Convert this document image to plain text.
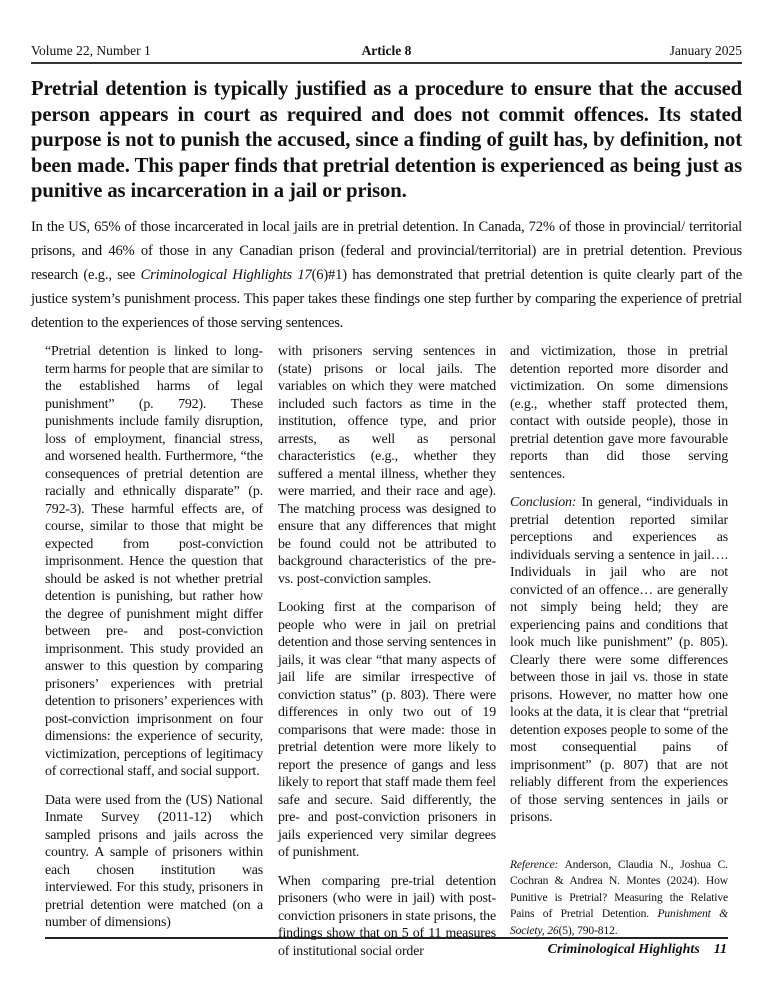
Volume 22, Number 1	Article 8	January 2025
Pretrial detention is typically justified as a procedure to ensure that the accused person appears in court as required and does not commit offences. Its stated purpose is not to punish the accused, since a finding of guilt has, by definition, not been made. This paper finds that pretrial detention is experienced as being just as punitive as incarceration in a jail or prison.
In the US, 65% of those incarcerated in local jails are in pretrial detention. In Canada, 72% of those in provincial/ territorial prisons, and 46% of those in any Canadian prison (federal and provincial/territorial) are in pretrial detention. Previous research (e.g., see Criminological Highlights 17(6)#1) has demonstrated that pretrial detention is quite clearly part of the justice system’s punishment process. This paper takes these findings one step further by comparing the experience of pretrial detention to the experiences of those serving sentences.

“Pretrial detention is linked to long-term harms for people that are similar to the established harms of legal punishment” (p. 792). These punishments include family disruption, loss of employment, financial stress, and worsened health. Furthermore, “the consequences of pretrial detention are racially and ethnically disparate” (p. 792-3). These harmful effects are, of course, similar to those that might be expected from post-conviction imprisonment. Hence the question that should be asked is not whether pretrial detention is punishing, but rather how the degree of punishment might differ between pre- and post-conviction imprisonment. This study provided an answer to this question by comparing prisoners’ experiences with pretrial detention to prisoners’ experiences with post-conviction imprisonment on four dimensions: the experience of security, victimization, perceptions of legitimacy of correctional staff, and social support.

Data were used from the (US) National Inmate Survey (2011-12) which sampled prisons and jails across the country. A sample of prisoners within each chosen institution was interviewed. For this study, prisoners in pretrial detention were matched (on a number of dimensions)

with prisoners serving sentences in (state) prisons or local jails. The variables on which they were matched included such factors as time in the institution, offence type, and prior arrests, as well as personal characteristics (e.g., whether they suffered a mental illness, whether they were married, and their race and age). The matching process was designed to ensure that any differences that might be found could not be attributed to background characteristics of the pre- vs. post-conviction samples.

Looking first at the comparison of people who were in jail on pretrial detention and those serving sentences in jails, it was clear “that many aspects of jail life are similar irrespective of conviction status” (p. 803). There were differences in only two out of 19 comparisons that were made: those in pretrial detention were more likely to report the presence of gangs and less likely to report that staff made them feel safe and secure. Said differently, the pre- and post-conviction prisoners in jails experienced very similar degrees of punishment.

When comparing pre-trial detention prisoners (who were in jail) with post-conviction prisoners in state prisons, the findings show that on 5 of 11 measures of institutional social order

and victimization, those in pretrial detention reported more disorder and victimization. On some dimensions (e.g., whether staff protected them, contact with outside people), those in pretrial detention gave more favourable reports than did those serving sentences.

Conclusion: In general, “individuals in pretrial detention reported similar perceptions and experiences as individuals serving a sentence in jail…. Individuals in jail who are not convicted of an offence… are generally not simply being held; they are experiencing pains and conditions that look much like punishment” (p. 805). Clearly there were some differences between those in jail vs. those in state prisons. However, no matter how one looks at the data, it is clear that “pretrial detention exposes people to some of the most consequential pains of imprisonment” (p. 807) that are not reliably different from the experiences of those serving sentences in jails or prisons.

Reference: Anderson, Claudia N., Joshua C. Cochran & Andrea N. Montes (2024). How Punitive is Pretrial? Measuring the Relative Pains of Pretrial Detention. Punishment & Society, 26(5), 790-812.

Criminological Highlights 11
